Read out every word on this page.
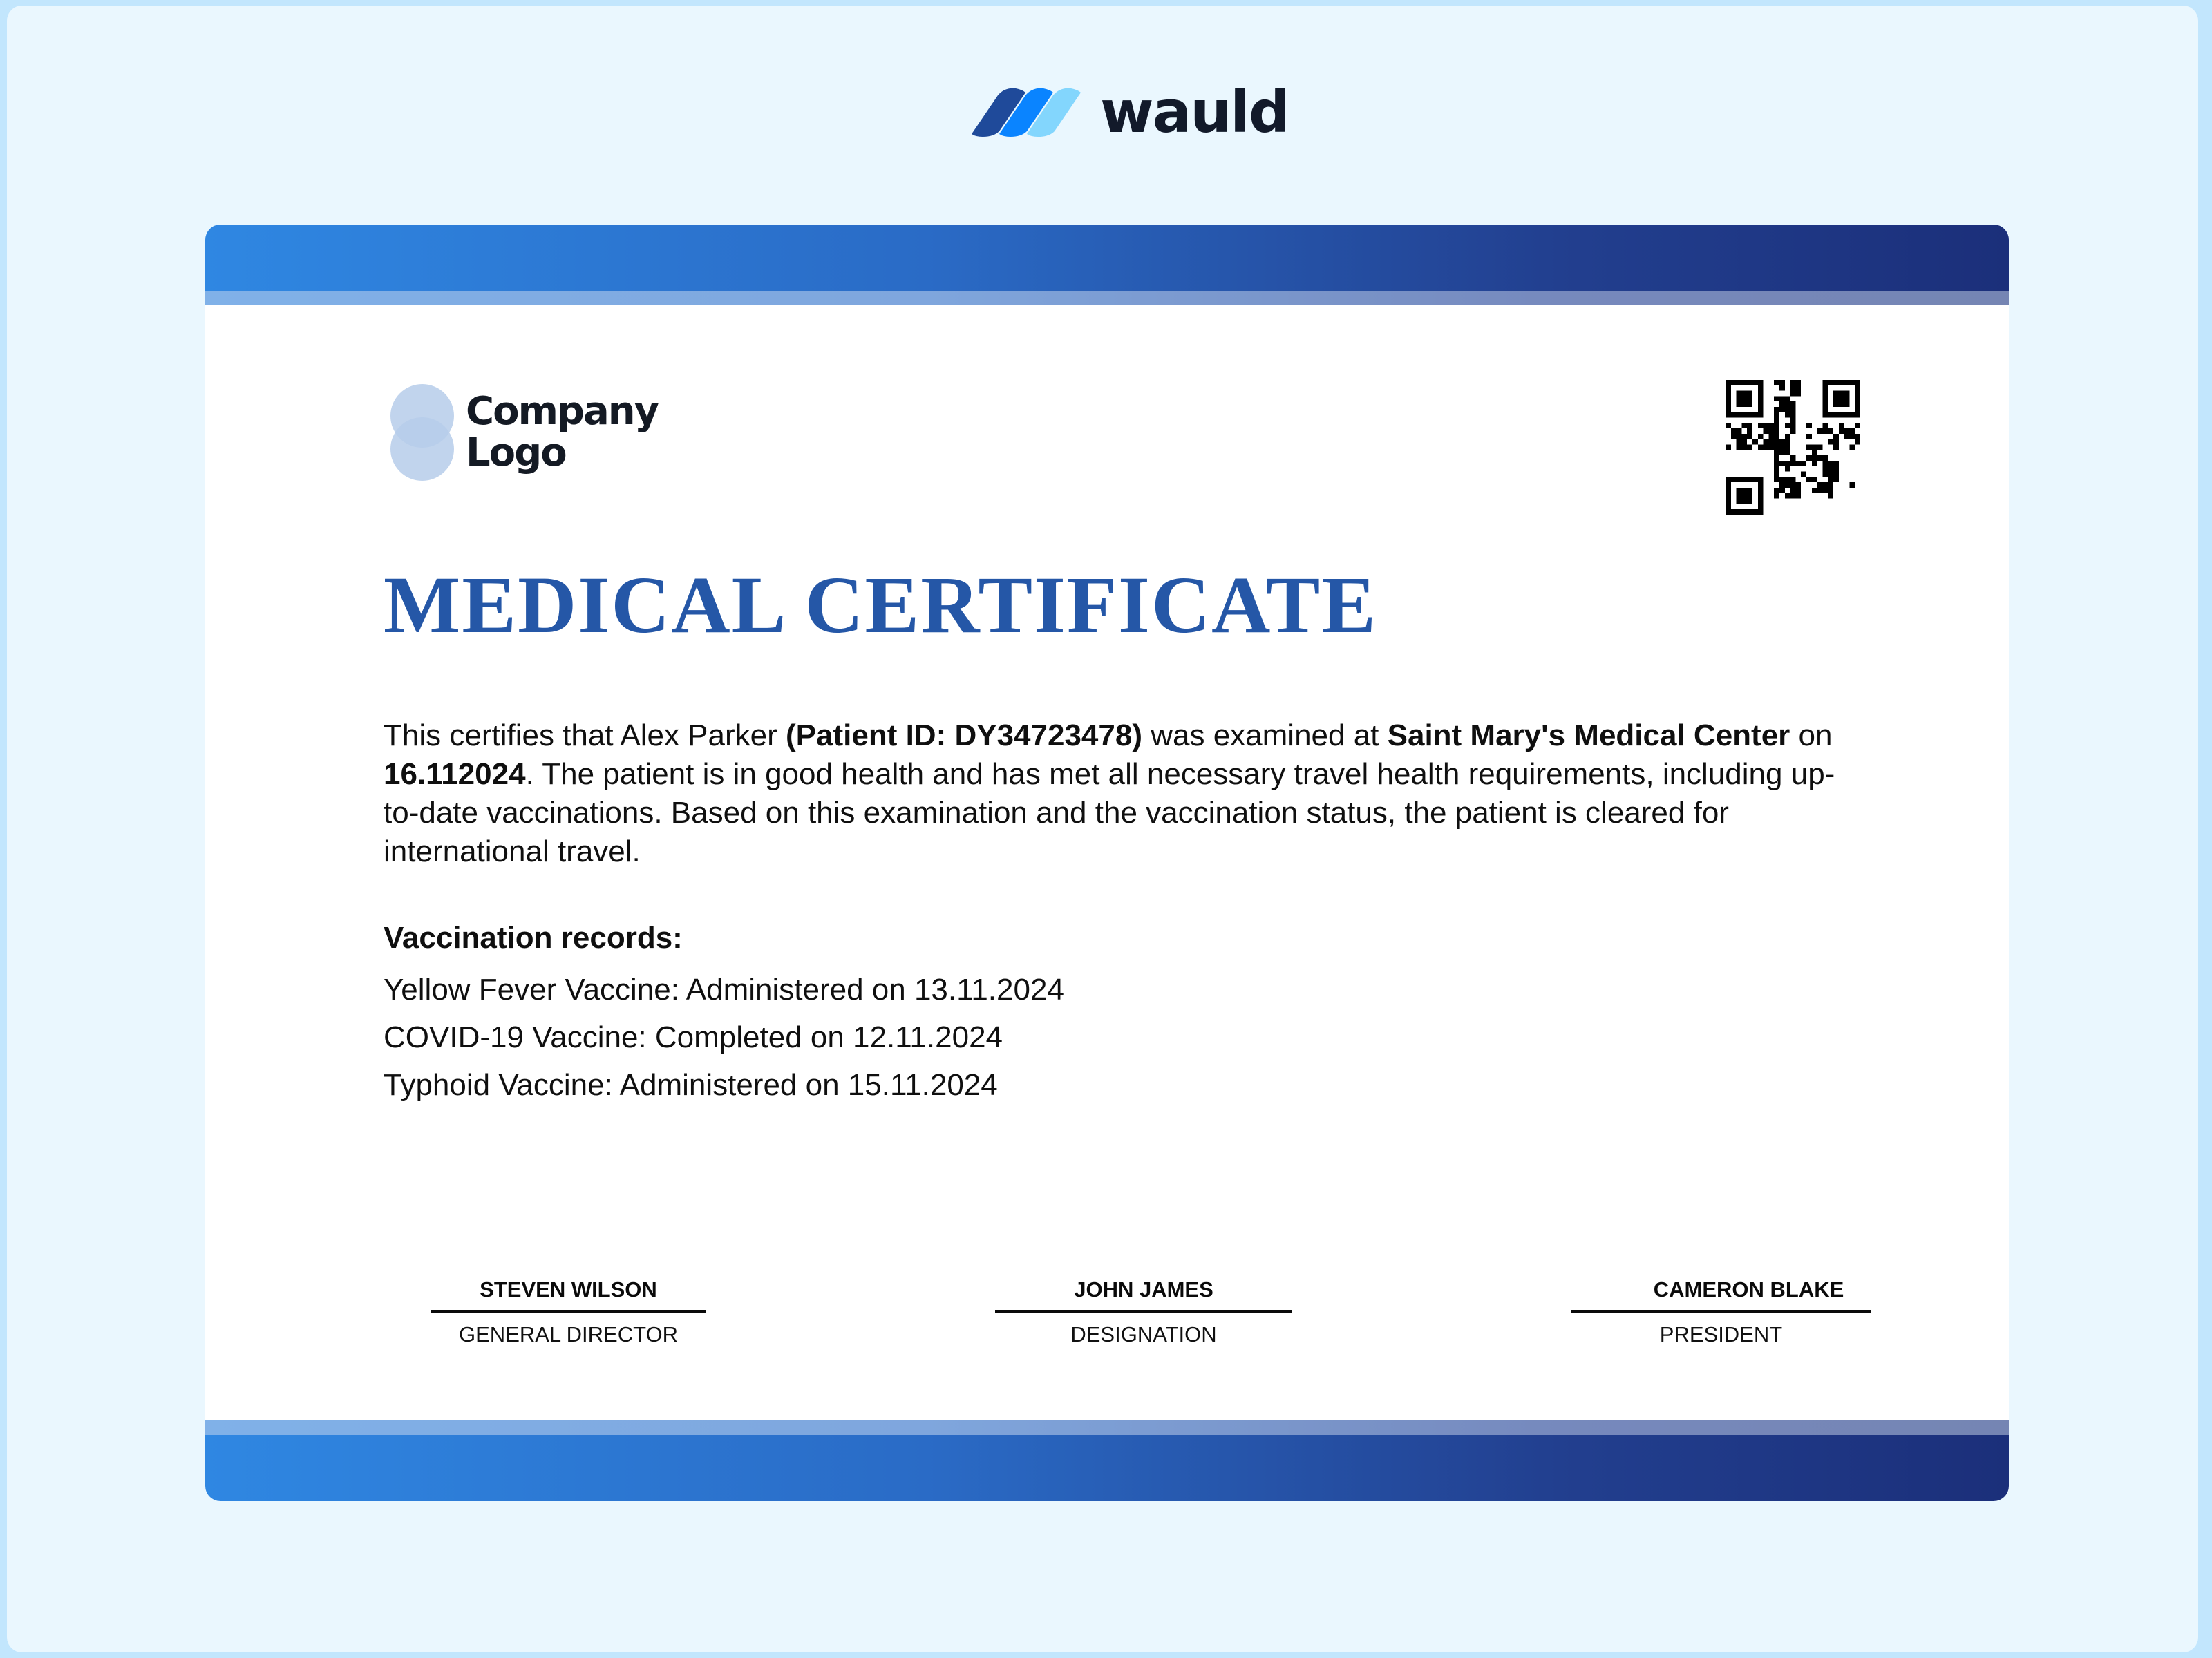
wauld
Company
Logo
MEDICAL CERTIFICATE
This certifies that Alex Parker (Patient ID: DY34723478) was examined at Saint Mary's Medical Center on 16.112024. The patient is in good health and has met all necessary travel health requirements, including up-to-date vaccinations. Based on this examination and the vaccination status, the patient is cleared for international travel.
Vaccination records:
Yellow Fever Vaccine: Administered on 13.11.2024
COVID-19 Vaccine: Completed on 12.11.2024
Typhoid Vaccine: Administered on 15.11.2024
STEVEN WILSON
GENERAL DIRECTOR
JOHN JAMES
DESIGNATION
CAMERON BLAKE
PRESIDENT
